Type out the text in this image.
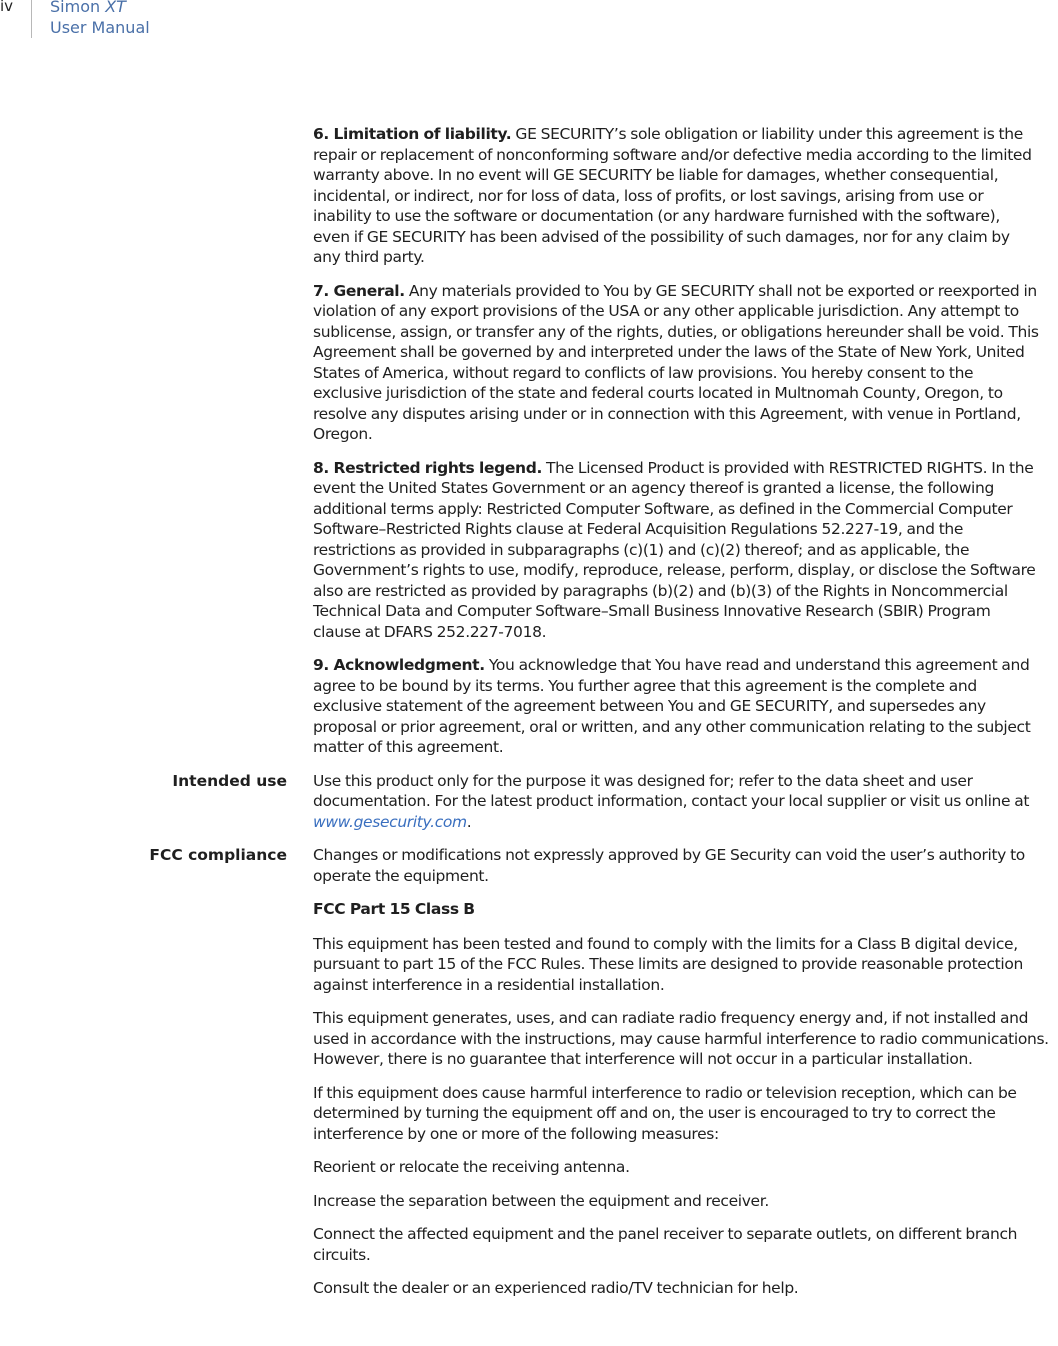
iv Simon XT
User Manual

6. Limitation of liability. GE SECURITY’s sole obligation or liability under this agreement is the repair or replacement of nonconforming software and/or defective media according to the limited warranty above. In no event will GE SECURITY be liable for damages, whether consequential, incidental, or indirect, nor for loss of data, loss of profits, or lost savings, arising from use or inability to use the software or documentation (or any hardware furnished with the software), even if GE SECURITY has been advised of the possibility of such damages, nor for any claim by any third party.

7. General. Any materials provided to You by GE SECURITY shall not be exported or reexported in violation of any export provisions of the USA or any other applicable jurisdiction. Any attempt to sublicense, assign, or transfer any of the rights, duties, or obligations hereunder shall be void. This Agreement shall be governed by and interpreted under the laws of the State of New York, United States of America, without regard to conflicts of law provisions. You hereby consent to the exclusive jurisdiction of the state and federal courts located in Multnomah County, Oregon, to resolve any disputes arising under or in connection with this Agreement, with venue in Portland, Oregon.

8. Restricted rights legend. The Licensed Product is provided with RESTRICTED RIGHTS. In the event the United States Government or an agency thereof is granted a license, the following additional terms apply: Restricted Computer Software, as defined in the Commercial Computer Software–Restricted Rights clause at Federal Acquisition Regulations 52.227-19, and the restrictions as provided in subparagraphs (c)(1) and (c)(2) thereof; and as applicable, the Government’s rights to use, modify, reproduce, release, perform, display, or disclose the Software also are restricted as provided by paragraphs (b)(2) and (b)(3) of the Rights in Noncommercial Technical Data and Computer Software–Small Business Innovative Research (SBIR) Program clause at DFARS 252.227-7018.

9. Acknowledgment. You acknowledge that You have read and understand this agreement and agree to be bound by its terms. You further agree that this agreement is the complete and exclusive statement of the agreement between You and GE SECURITY, and supersedes any proposal or prior agreement, oral or written, and any other communication relating to the subject matter of this agreement.

Intended use Use this product only for the purpose it was designed for; refer to the data sheet and user documentation. For the latest product information, contact your local supplier or visit us online at www.gesecurity.com.

FCC compliance Changes or modifications not expressly approved by GE Security can void the user’s authority to operate the equipment.

FCC Part 15 Class B

This equipment has been tested and found to comply with the limits for a Class B digital device, pursuant to part 15 of the FCC Rules. These limits are designed to provide reasonable protection against interference in a residential installation.

This equipment generates, uses, and can radiate radio frequency energy and, if not installed and used in accordance with the instructions, may cause harmful interference to radio communications. However, there is no guarantee that interference will not occur in a particular installation.

If this equipment does cause harmful interference to radio or television reception, which can be determined by turning the equipment off and on, the user is encouraged to try to correct the interference by one or more of the following measures:

Reorient or relocate the receiving antenna.

Increase the separation between the equipment and receiver.

Connect the affected equipment and the panel receiver to separate outlets, on different branch circuits.

Consult the dealer or an experienced radio/TV technician for help.
